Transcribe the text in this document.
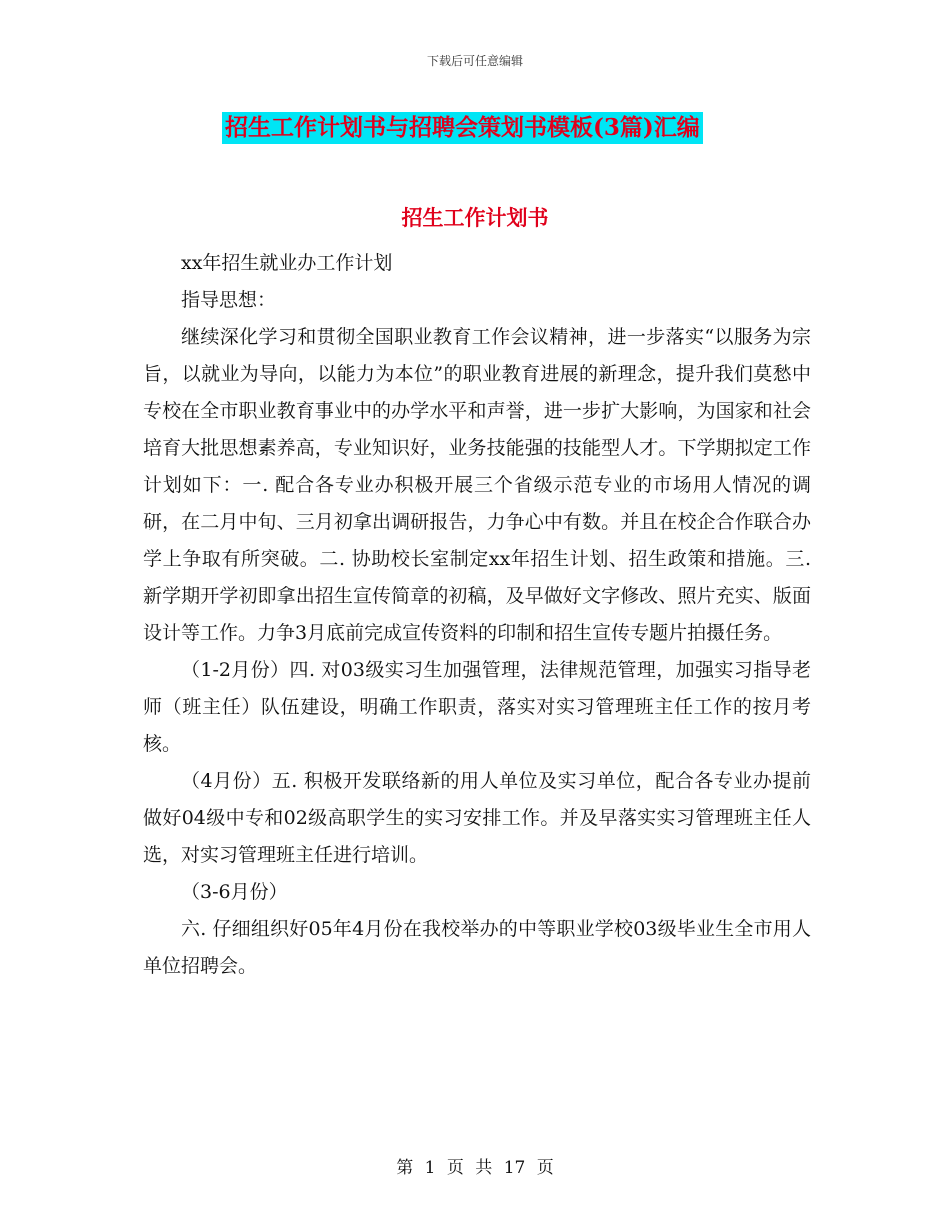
下载后可任意编辑
招生工作计划书与招聘会策划书模板(3篇)汇编
招生工作计划书

xx年招生就业办工作计划

指导思想：

继续深化学习和贯彻全国职业教育工作会议精神，进一步落实“以服务为宗旨，以就业为导向，以能力为本位”的职业教育进展的新理念，提升我们莫愁中专校在全市职业教育事业中的办学水平和声誉，进一步扩大影响，为国家和社会培育大批思想素养高，专业知识好，业务技能强的技能型人才。下学期拟定工作计划如下：一. 配合各专业办积极开展三个省级示范专业的市场用人情况的调研，在二月中旬、三月初拿出调研报告，力争心中有数。并且在校企合作联合办学上争取有所突破。二. 协助校长室制定xx年招生计划、招生政策和措施。三. 新学期开学初即拿出招生宣传简章的初稿，及早做好文字修改、照片充实、版面设计等工作。力争3月底前完成宣传资料的印制和招生宣传专题片拍摄任务。

（1-2月份）四. 对03级实习生加强管理，法律规范管理，加强实习指导老师（班主任）队伍建设，明确工作职责，落实对实习管理班主任工作的按月考核。

（4月份）五. 积极开发联络新的用人单位及实习单位，配合各专业办提前做好04级中专和02级高职学生的实习安排工作。并及早落实实习管理班主任人选，对实习管理班主任进行培训。

（3-6月份）

六. 仔细组织好05年4月份在我校举办的中等职业学校03级毕业生全市用人单位招聘会。

第 1 页 共 17 页
